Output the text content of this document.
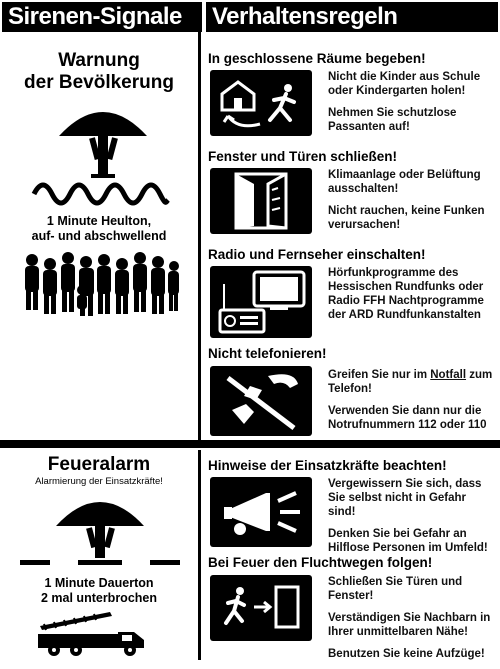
Sirenen-Signale	Verhaltensregeln
Warnung
der Bevölkerung
1 Minute Heulton,
auf- und abschwellend
Feueralarm
Alarmierung der Einsatzkräfte!
1 Minute Dauerton
2 mal unterbrochen
In geschlossene Räume begeben!

Nicht die Kinder aus Schule oder Kindergarten holen!

Nehmen Sie schutzlose Passanten auf!

Fenster und Türen schließen!

Klimaanlage oder Belüftung ausschalten!

Nicht rauchen, keine Funken verursachen!

Radio und Fernseher einschalten!

Hörfunkprogramme des Hessischen Rundfunks oder Radio FFH Nachtprogramme der ARD Rundfunkanstalten

Nicht telefonieren!

Greifen Sie nur im Notfall zum Telefon!

Verwenden Sie dann nur die Notrufnummern 112 oder 110

Hinweise der Einsatzkräfte beachten!

Vergewissern Sie sich, dass Sie selbst nicht in Gefahr sind!

Denken Sie bei Gefahr an Hilflose Personen im Umfeld!

Bei Feuer den Fluchtwegen folgen!

Schließen Sie Türen und Fenster!

Verständigen Sie Nachbarn in Ihrer unmittelbaren Nähe!

Benutzen Sie keine Aufzüge!
